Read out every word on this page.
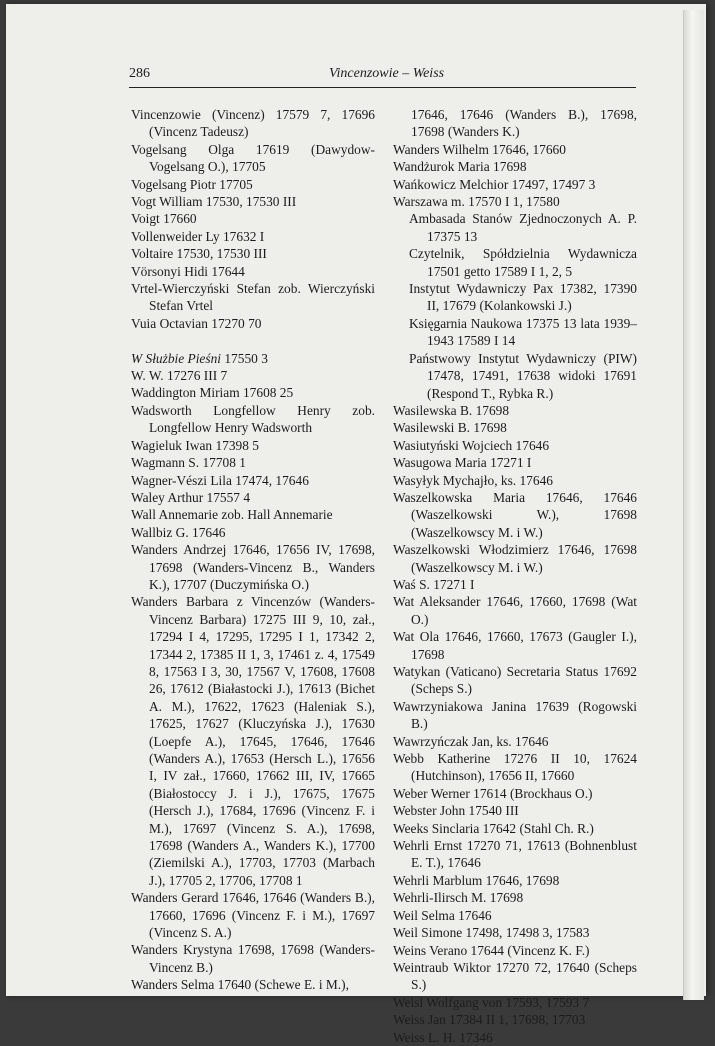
286	Vincenzowie – Weiss
Vincenzowie (Vincenz) 17579 7, 17696 (Vincenz Tadeusz)
Vogelsang Olga 17619 (Dawydow-Vogelsang O.), 17705
Vogelsang Piotr 17705
Vogt William 17530, 17530 III
Voigt 17660
Vollenweider Ly 17632 I
Voltaire 17530, 17530 III
Vörsonyi Hidi 17644
Vrtel-Wierczyński Stefan zob. Wierczyński Stefan Vrtel
Vuia Octavian 17270 70
W Służbie Pieśni 17550 3
W. W. 17276 III 7
Waddington Miriam 17608 25
Wadsworth Longfellow Henry zob. Longfellow Henry Wadsworth
Wagieluk Iwan 17398 5
Wagmann S. 17708 1
Wagner-Vészi Lila 17474, 17646
Waley Arthur 17557 4
Wall Annemarie zob. Hall Annemarie
Wallbiz G. 17646
Wanders Andrzej 17646, 17656 IV, 17698, 17698 (Wanders-Vincenz B., Wanders K.), 17707 (Duczymińska O.)
Wanders Barbara z Vincenzów (Wanders-Vincenz Barbara) 17275 III 9, 10, zał., 17294 I 4, 17295, 17295 I 1, 17342 2, 17344 2, 17385 II 1, 3, 17461 z. 4, 17549 8, 17563 I 3, 30, 17567 V, 17608, 17608 26, 17612 (Białastocki J.), 17613 (Bichet A. M.), 17622, 17623 (Haleniak S.), 17625, 17627 (Kluczyńska J.), 17630 (Loepfe A.), 17645, 17646, 17646 (Wanders A.), 17653 (Hersch L.), 17656 I, IV zał., 17660, 17662 III, IV, 17665 (Białostoccy J. i J.), 17675, 17675 (Hersch J.), 17684, 17696 (Vincenz F. i M.), 17697 (Vincenz S. A.), 17698, 17698 (Wanders A., Wanders K.), 17700 (Ziemilski A.), 17703, 17703 (Marbach J.), 17705 2, 17706, 17708 1
Wanders Gerard 17646, 17646 (Wanders B.), 17660, 17696 (Vincenz F. i M.), 17697 (Vincenz S. A.)
Wanders Krystyna 17698, 17698 (Wanders-Vincenz B.)
Wanders Selma 17640 (Schewe E. i M.),
17646, 17646 (Wanders B.), 17698, 17698 (Wanders K.)
Wanders Wilhelm 17646, 17660
Wandżurok Maria 17698
Wańkowicz Melchior 17497, 17497 3
Warszawa m. 17570 I 1, 17580
Ambasada Stanów Zjednoczonych A. P. 17375 13
Czytelnik, Spółdzielnia Wydawnicza 17501 getto 17589 I 1, 2, 5
Instytut Wydawniczy Pax 17382, 17390 II, 17679 (Kolankowski J.)
Księgarnia Naukowa 17375 13 lata 1939–1943 17589 I 14
Państwowy Instytut Wydawniczy (PIW) 17478, 17491, 17638 widoki 17691 (Respond T., Rybka R.)
Wasilewska B. 17698
Wasilewski B. 17698
Wasiutyński Wojciech 17646
Wasugowa Maria 17271 I
Wasyłyk Mychajło, ks. 17646
Waszelkowska Maria 17646, 17646 (Waszelkowski W.), 17698 (Waszelkowscy M. i W.)
Waszelkowski Włodzimierz 17646, 17698 (Waszelkowscy M. i W.)
Waś S. 17271 I
Wat Aleksander 17646, 17660, 17698 (Wat O.)
Wat Ola 17646, 17660, 17673 (Gaugler I.), 17698
Watykan (Vaticano) Secretaria Status 17692 (Scheps S.)
Wawrzyniakowa Janina 17639 (Rogowski B.)
Wawrzyńczak Jan, ks. 17646
Webb Katherine 17276 II 10, 17624 (Hutchinson), 17656 II, 17660
Weber Werner 17614 (Brockhaus O.)
Webster John 17540 III
Weeks Sinclaria 17642 (Stahl Ch. R.)
Wehrli Ernst 17270 71, 17613 (Bohnenblust E. T.), 17646
Wehrli Marblum 17646, 17698
Wehrli-Ilirsch M. 17698
Weil Selma 17646
Weil Simone 17498, 17498 3, 17583
Weins Verano 17644 (Vincenz K. F.)
Weintraub Wiktor 17270 72, 17640 (Scheps S.)
Weisl Wolfgang von 17593, 17593 7
Weiss Jan 17384 II 1, 17698, 17703
Weiss L. H. 17346
